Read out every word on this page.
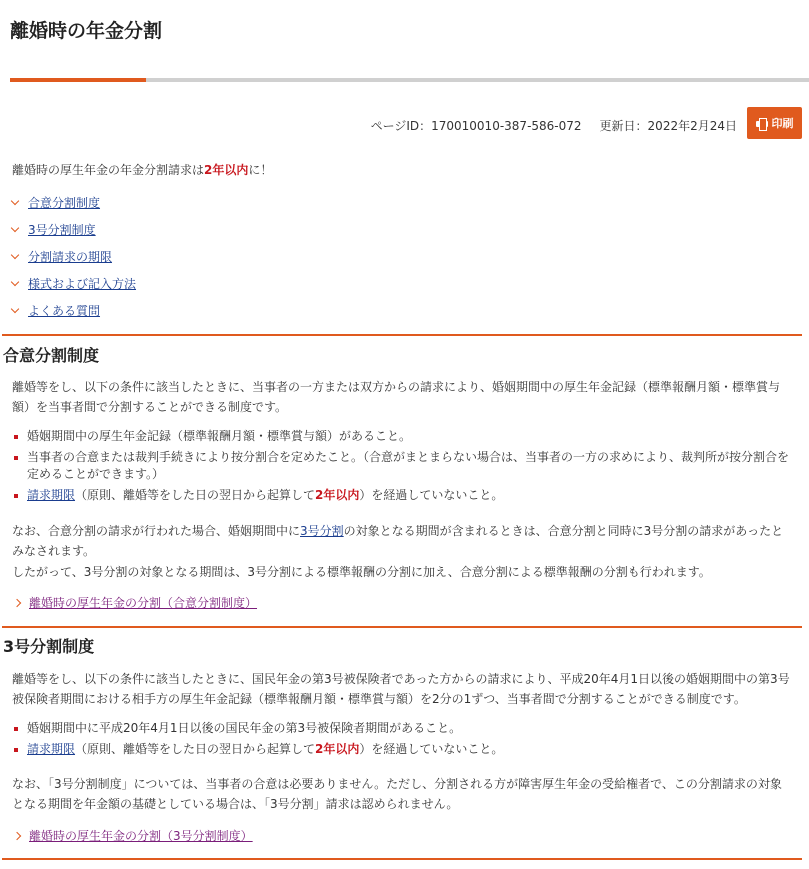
離婚時の年金分割
ページID：170010010-387-586-072 更新日：2022年2月24日	印刷

離婚時の厚生年金の年金分割請求は2年以内に！

合意分割制度
3号分割制度
分割請求の期限
様式および記入方法
よくある質問
合意分割制度

離婚等をし、以下の条件に該当したときに、当事者の一方または双方からの請求により、婚姻期間中の厚生年金記録（標準報酬月額・標準賞与額）を当事者間で分割することができる制度です。

婚姻期間中の厚生年金記録（標準報酬月額・標準賞与額）があること。
当事者の合意または裁判手続きにより按分割合を定めたこと。（合意がまとまらない場合は、当事者の一方の求めにより、裁判所が按分割合を定めることができます。）
請求期限（原則、離婚等をした日の翌日から起算して2年以内）を経過していないこと。

なお、合意分割の請求が行われた場合、婚姻期間中に3号分割の対象となる期間が含まれるときは、合意分割と同時に3号分割の請求があったとみなされます。

したがって、3号分割の対象となる期間は、3号分割による標準報酬の分割に加え、合意分割による標準報酬の分割も行われます。

離婚時の厚生年金の分割（合意分割制度）
3号分割制度

離婚等をし、以下の条件に該当したときに、国民年金の第3号被保険者であった方からの請求により、平成20年4月1日以後の婚姻期間中の第3号被保険者期間における相手方の厚生年金記録（標準報酬月額・標準賞与額）を2分の1ずつ、当事者間で分割することができる制度です。

婚姻期間中に平成20年4月1日以後の国民年金の第3号被保険者期間があること。
請求期限（原則、離婚等をした日の翌日から起算して2年以内）を経過していないこと。

なお、「3号分割制度」については、当事者の合意は必要ありません。ただし、分割される方が障害厚生年金の受給権者で、この分割請求の対象となる期間を年金額の基礎としている場合は、「3号分割」請求は認められません。

離婚時の厚生年金の分割（3号分割制度）
